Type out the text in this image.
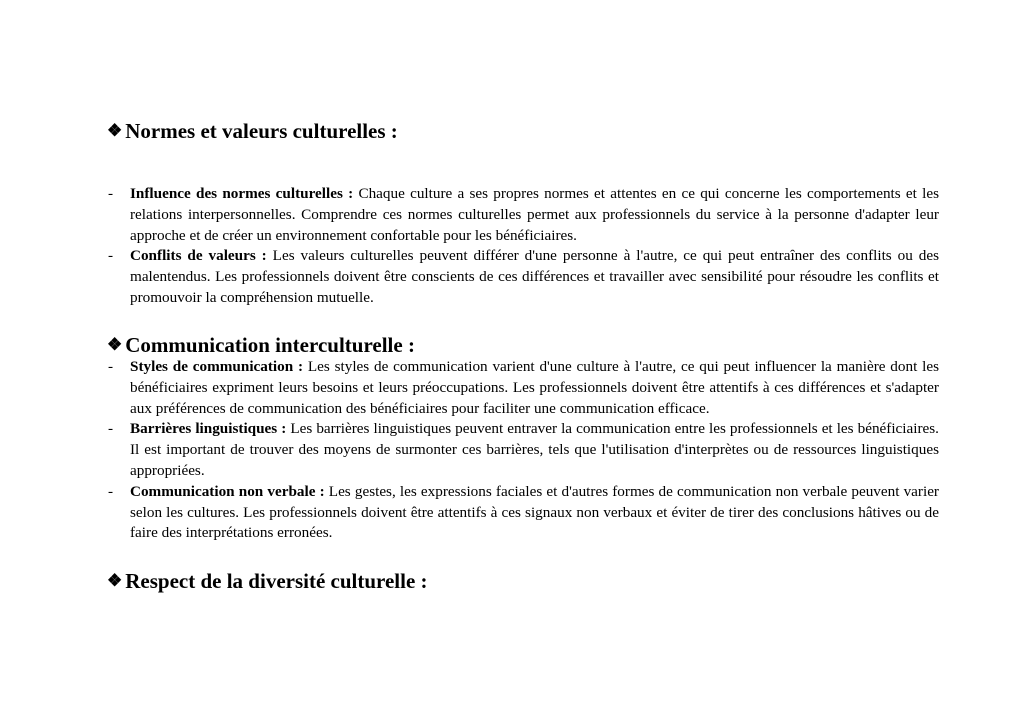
❖ Normes et valeurs culturelles :
-	Influence des normes culturelles : Chaque culture a ses propres normes et attentes en ce qui concerne les comportements et les relations interpersonnelles. Comprendre ces normes culturelles permet aux professionnels du service à la personne d'adapter leur approche et de créer un environnement confortable pour les bénéficiaires.
-	Conflits de valeurs : Les valeurs culturelles peuvent différer d'une personne à l'autre, ce qui peut entraîner des conflits ou des malentendus. Les professionnels doivent être conscients de ces différences et travailler avec sensibilité pour résoudre les conflits et promouvoir la compréhension mutuelle.
❖ Communication interculturelle :
-	Styles de communication : Les styles de communication varient d'une culture à l'autre, ce qui peut influencer la manière dont les bénéficiaires expriment leurs besoins et leurs préoccupations. Les professionnels doivent être attentifs à ces différences et s'adapter aux préférences de communication des bénéficiaires pour faciliter une communication efficace.
-	Barrières linguistiques : Les barrières linguistiques peuvent entraver la communication entre les professionnels et les bénéficiaires. Il est important de trouver des moyens de surmonter ces barrières, tels que l'utilisation d'interprètes ou de ressources linguistiques appropriées.
-	Communication non verbale : Les gestes, les expressions faciales et d'autres formes de communication non verbale peuvent varier selon les cultures. Les professionnels doivent être attentifs à ces signaux non verbaux et éviter de tirer des conclusions hâtives ou de faire des interprétations erronées.
❖ Respect de la diversité culturelle :
